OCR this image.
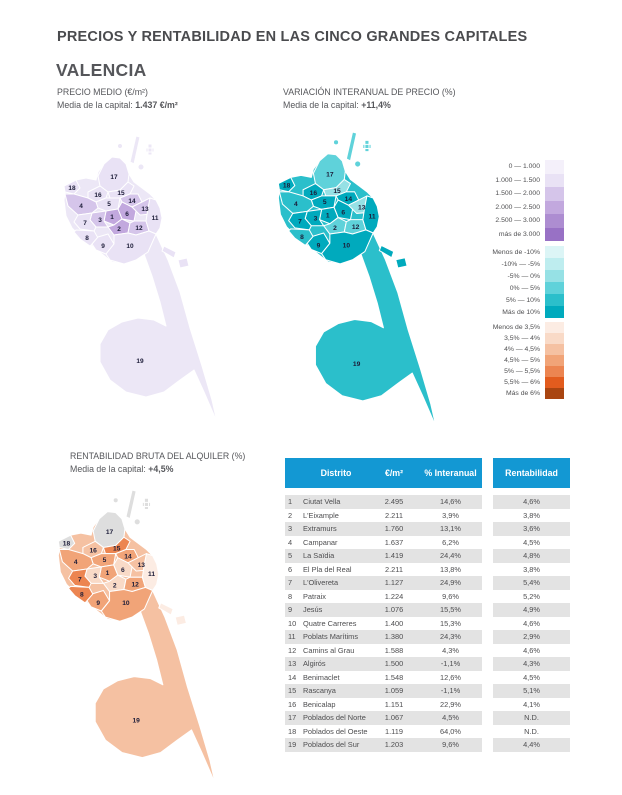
PRECIOS Y RENTABILIDAD EN LAS CINCO GRANDES CAPITALES
VALENCIA
PRECIO MEDIO (€/m²)
Media de la capital: 1.437 €/m²
VARIACIÓN INTERANUAL DE PRECIO (%)
Media de la capital: +11,4%
RENTABILIDAD BRUTA DEL ALQUILER (%)
Media de la capital: +4,5%
17
18
16 15
14
13
5
4
6
1
3
7
2 12
11
8
9	10
19
17
18
16 15
14
13
5
4
6
1
3
7
2 12
11
8
9	10
19
17
18
16 15
14
13
5
4
6
1
3
7
2 12
11
8
9	10
19
0 — 1.000
1.000 — 1.500
1.500 — 2.000
2.000 — 2.500
2.500 — 3.000
más de 3.000
Menos de -10%
-10% — -5%
-5% — 0%
0% — 5%
5% — 10%
Más de 10%
Menos de 3,5%
3,5% — 4%
4% — 4,5%
4,5% — 5%
5% — 5,5%
5,5% — 6%
Más de 6%
Distrito	€/m²	% Interanual	Rentabilidad
1	Ciutat Vella	2.495	14,6%	4,6%
2	L'Eixample	2.211	3,9%	3,8%
3	Extramurs	1.760	13,1%	3,6%
4	Campanar	1.637	6,2%	4,5%
5	La Saïdia	1.419	24,4%	4,8%
6	El Pla del Real	2.211	13,8%	3,8%
7	L'Olivereta	1.127	24,9%	5,4%
8	Patraix	1.224	9,6%	5,2%
9	Jesús	1.076	15,5%	4,9%
10 Quatre Carreres	1.400	15,3%	4,6%
11 Poblats Marítims	1.380	24,3%	2,9%
12 Camins al Grau	1.588	4,3%	4,6%
13 Algirós	1.500	-1,1%	4,3%
14 Benimaclet	1.548	12,6%	4,5%
15 Rascanya	1.059	-1,1%	5,1%
16 Benicalap	1.151	22,9%	4,1%
17 Poblados del Norte	1.067	4,5%	N.D.
18 Poblados del Oeste	1.119	64,0%	N.D.
19 Poblados del Sur	1.203	9,6%	4,4%
